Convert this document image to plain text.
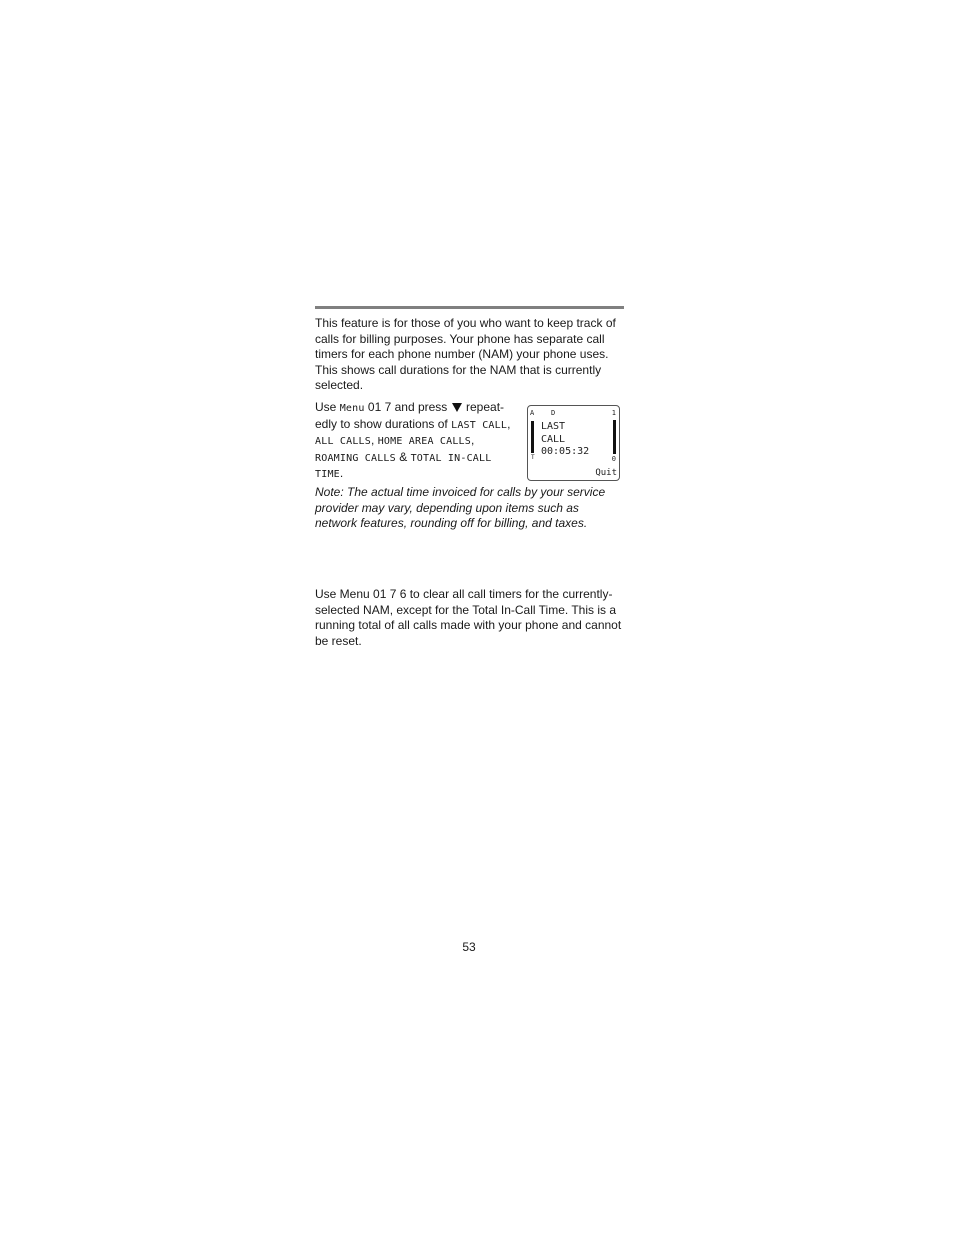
This feature is for those of you who want to keep track of calls for billing purposes. Your phone has separate call timers for each phone number (NAM) your phone uses. This shows call durations for the NAM that is currently selected.

Use Menu 01 7 and press repeat-edly to show durations of LAST CALL, ALL CALLS, HOME AREA CALLS, ROAMING CALLS & TOTAL IN-CALL TIME.

A D	1
0
T
LAST
CALL
00:05:32
Quit

Note: The actual time invoiced for calls by your service provider may vary, depending upon items such as network features, rounding off for billing, and taxes.

Use Menu 01 7 6 to clear all call timers for the currently-selected NAM, except for the Total In-Call Time. This is a running total of all calls made with your phone and cannot be reset.

53
